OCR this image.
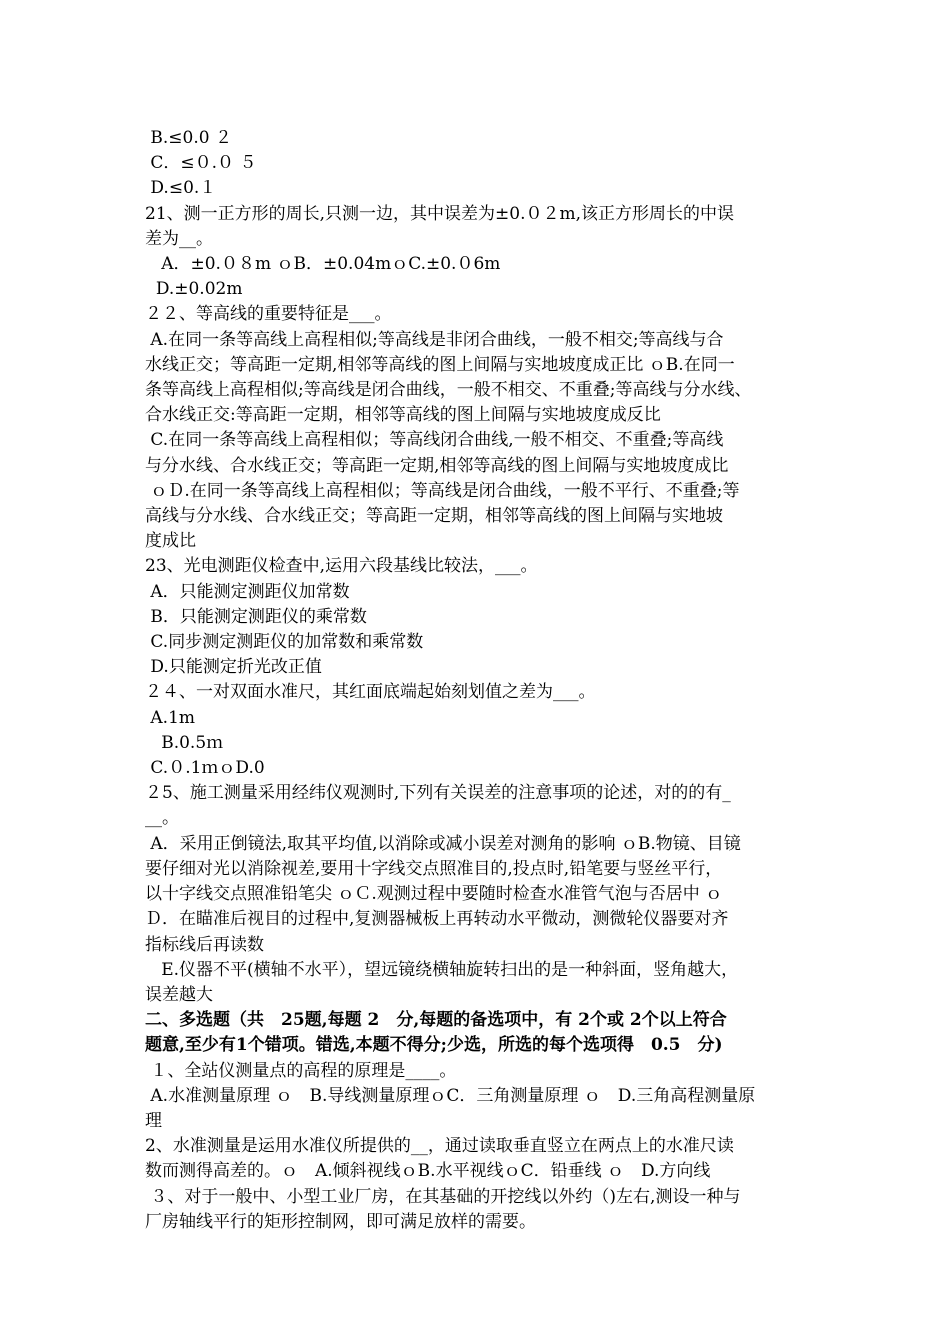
B.≤0.0 ２
C．≤０.０ ５
D.≤0.１
21、测一正方形的周长,只测一边，其中误差为±0.０２m,该正方形周长的中误
差为__。
A．±0.０８m ｏB．±0.04mｏC.±0.０6m
D.±0.02m
２２、等高线的重要特征是___。
A.在同一条等高线上高程相似;等高线是非闭合曲线，一般不相交;等高线与合
水线正交；等高距一定期,相邻等高线的图上间隔与实地坡度成正比 ｏB.在同一
条等高线上高程相似;等高线是闭合曲线，一般不相交、不重叠;等高线与分水线、
合水线正交:等高距一定期，相邻等高线的图上间隔与实地坡度成反比
C.在同一条等高线上高程相似；等高线闭合曲线,一般不相交、不重叠;等高线
与分水线、合水线正交；等高距一定期,相邻等高线的图上间隔与实地坡度成比
ｏＤ.在同一条等高线上高程相似；等高线是闭合曲线，一般不平行、不重叠;等
高线与分水线、合水线正交；等高距一定期，相邻等高线的图上间隔与实地坡
度成比
23、光电测距仪检查中,运用六段基线比较法，___。
A．只能测定测距仪加常数
B．只能测定测距仪的乘常数
C.同步测定测距仪的加常数和乘常数
D.只能测定折光改正值
２４、一对双面水准尺，其红面底端起始刻划值之差为___。
A.1m
B.0.5ｍ
C.０.1ｍｏD.0
２5、施工测量采用经纬仪观测时,下列有关误差的注意事项的论述，对的的有_
__。
A．采用正倒镜法,取其平均值,以消除或减小误差对测角的影响 ｏB.物镜、目镜
要仔细对光以消除视差,要用十字线交点照准目的,投点时,铅笔要与竖丝平行，
以十字线交点照准铅笔尖 ｏＣ.观测过程中要随时检查水准管气泡与否居中 ｏ
Ｄ．在瞄准后视目的过程中,复测器械板上再转动水平微动，测微轮仪器要对齐
指标线后再读数
E.仪器不平(横轴不水平），望远镜绕横轴旋转扫出的是一种斜面，竖角越大，
误差越大
二、多选题（共　25题,每题 2　分,每题的备选项中，有 2个或 2个以上符合
题意,至少有1个错项。错选,本题不得分;少选，所选的每个选项得　0.5　分)
１、全站仪测量点的高程的原理是____。
A.水准测量原理 ｏ　B.导线测量原理ｏC．三角测量原理 ｏ　D.三角高程测量原
理
2、水准测量是运用水准仪所提供的__，通过读取垂直竖立在两点上的水准尺读
数而测得高差的。ｏ　A.倾斜视线ｏB.水平视线ｏC．铅垂线 ｏ　D.方向线
３、对于一般中、小型工业厂房，在其基础的开挖线以外约（)左右,测设一种与
厂房轴线平行的矩形控制网，即可满足放样的需要。
